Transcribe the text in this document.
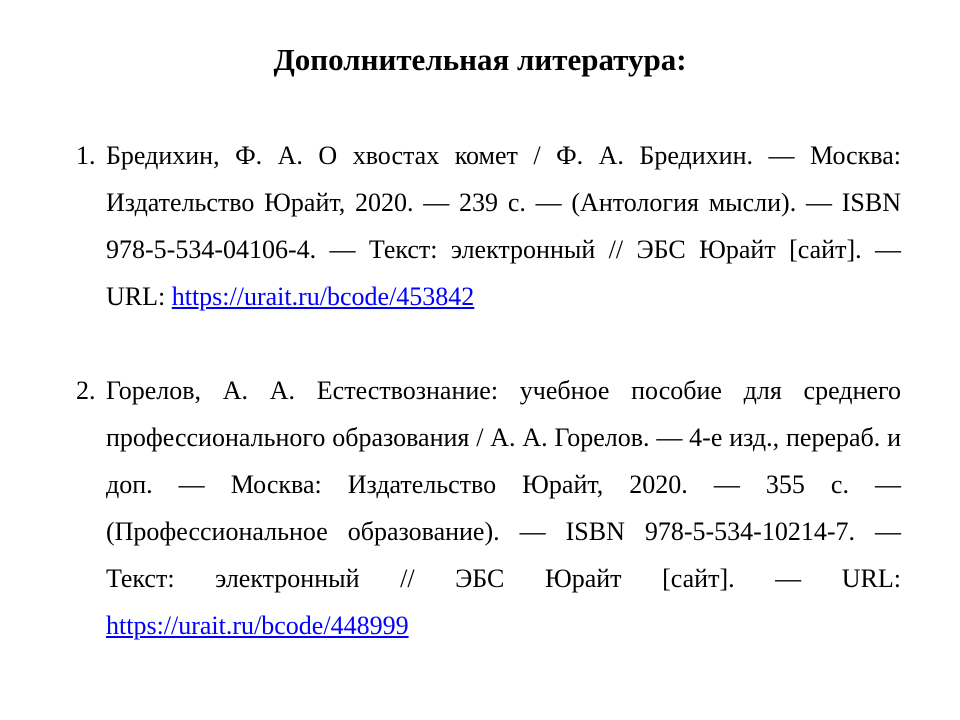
Дополнительная литература:
1. Бредихин, Ф. А. О хвостах комет / Ф. А. Бредихин. — Москва: Издательство Юрайт, 2020. — 239 с. — (Антология мысли). — ISBN 978-5-534-04106-4. — Текст: электронный // ЭБС Юрайт [сайт]. — URL: https://urait.ru/bcode/453842
2. Горелов, А. А. Естествознание: учебное пособие для среднего профессионального образования / А. А. Горелов. — 4-е изд., перераб. и доп. — Москва: Издательство Юрайт, 2020. — 355 с. — (Профессиональное образование). — ISBN 978-5-534-10214-7. — Текст: электронный // ЭБС Юрайт [сайт]. — URL: https://urait.ru/bcode/448999
